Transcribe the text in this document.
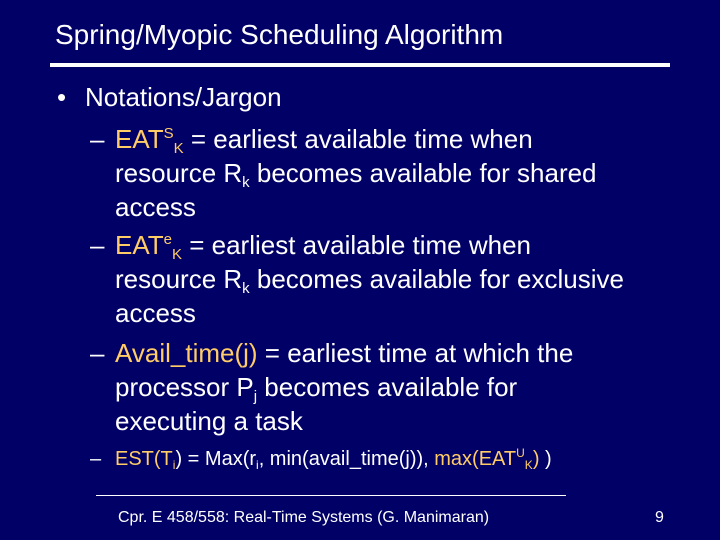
Spring/Myopic Scheduling Algorithm
• Notations/Jargon
– $EAT^S_K$ = earliest available time when
resource $R_k$ becomes available for shared
access
– $EAT^e_K$ = earliest available time when
resource $R_k$ becomes available for exclusive
access
– Avail_time(j) = earliest time at which the
processor $P_j$ becomes available for
executing a task
– $EST(T_i) = Max(r_i$, min(avail_time(j)), $\max(EAT^U_K)$ )
Cpr. E 458/558: Real-Time Systems (G. Manimaran)	9
